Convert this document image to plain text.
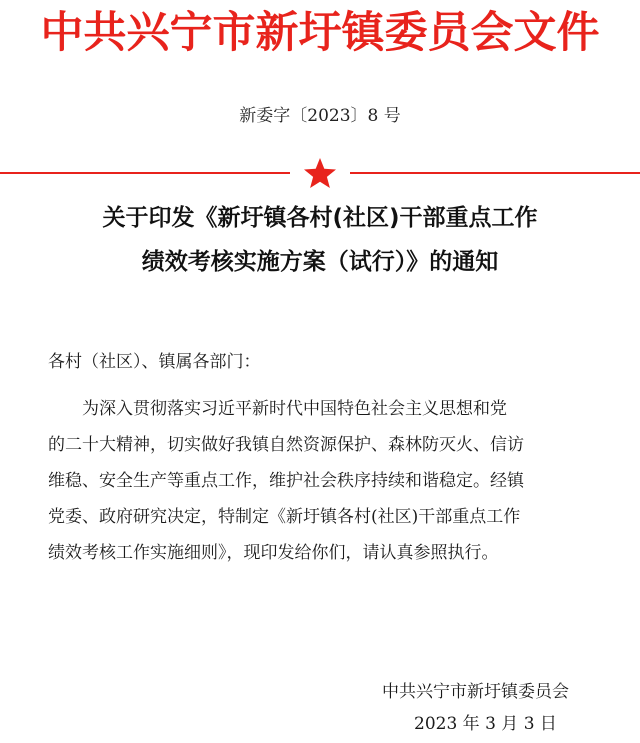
中共兴宁市新圩镇委员会文件
新委字〔2023〕8 号
关于印发《新圩镇各村(社区)干部重点工作
绩效考核实施方案（试行）》的通知
各村（社区）、镇属各部门：
为深入贯彻落实习近平新时代中国特色社会主义思想和党
的二十大精神，切实做好我镇自然资源保护、森林防灭火、信访
维稳、安全生产等重点工作，维护社会秩序持续和谐稳定。经镇
党委、政府研究决定，特制定《新圩镇各村(社区)干部重点工作
绩效考核工作实施细则》，现印发给你们，请认真参照执行。
中共兴宁市新圩镇委员会
2023 年 3 月 3 日
